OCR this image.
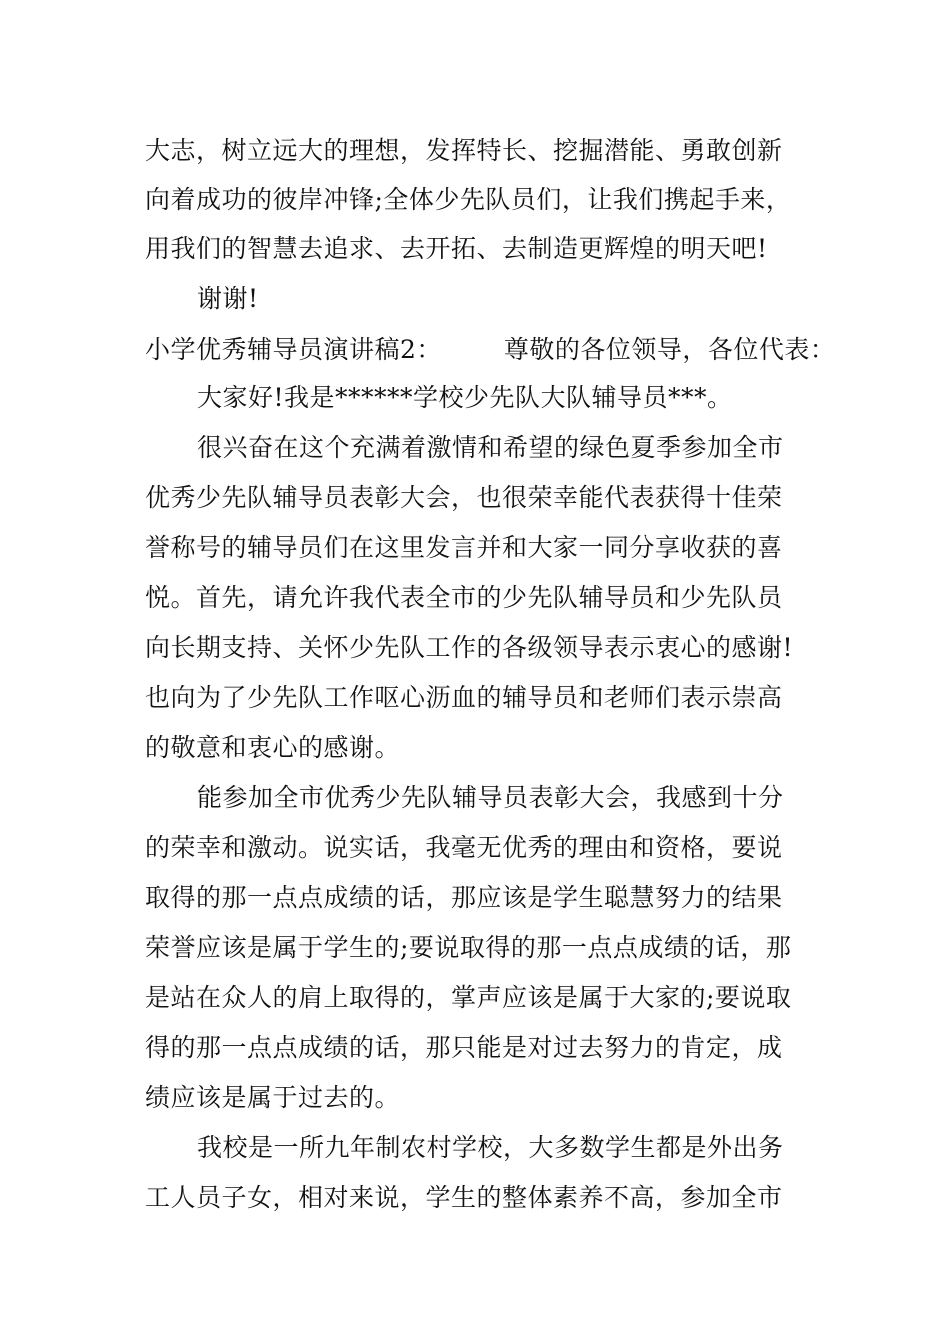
大志，树立远大的理想，发挥特长、挖掘潜能、勇敢创新
向着成功的彼岸冲锋;全体少先队员们，让我们携起手来，
用我们的智慧去追求、去开拓、去制造更辉煌的明天吧!
谢谢!
小学优秀辅导员演讲稿2： 尊敬的各位领导，各位代表：
大家好!我是******学校少先队大队辅导员***。
很兴奋在这个充满着激情和希望的绿色夏季参加全市
优秀少先队辅导员表彰大会，也很荣幸能代表获得十佳荣
誉称号的辅导员们在这里发言并和大家一同分享收获的喜
悦。首先，请允许我代表全市的少先队辅导员和少先队员
向长期支持、关怀少先队工作的各级领导表示衷心的感谢!
也向为了少先队工作呕心沥血的辅导员和老师们表示崇高
的敬意和衷心的感谢。
能参加全市优秀少先队辅导员表彰大会，我感到十分
的荣幸和激动。说实话，我毫无优秀的理由和资格，要说
取得的那一点点成绩的话，那应该是学生聪慧努力的结果
荣誉应该是属于学生的;要说取得的那一点点成绩的话，那
是站在众人的肩上取得的，掌声应该是属于大家的;要说取
得的那一点点成绩的话，那只能是对过去努力的肯定，成
绩应该是属于过去的。
我校是一所九年制农村学校，大多数学生都是外出务
工人员子女，相对来说，学生的整体素养不高，参加全市
